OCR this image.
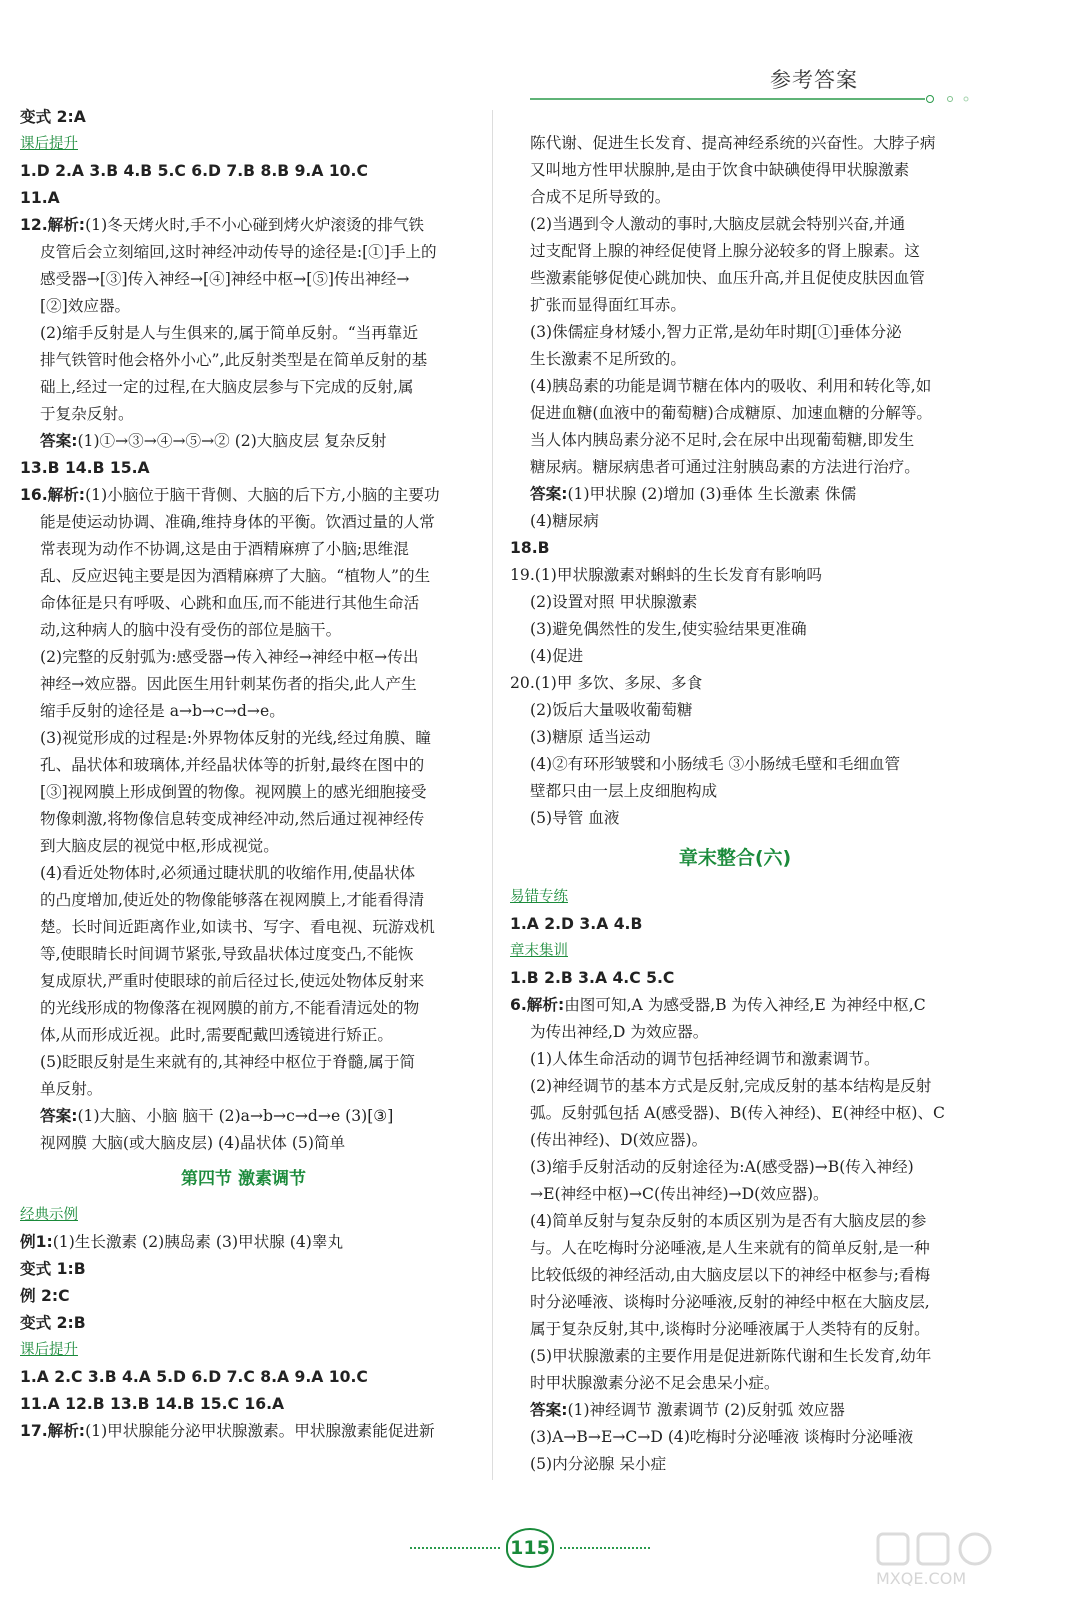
参考答案
变式 2:A
课后提升
1.D 2.A 3.B 4.B 5.C 6.D 7.B 8.B 9.A 10.C
11.A
12.解析:(1)冬天烤火时,手不小心碰到烤火炉滚烫的排气铁
皮管后会立刻缩回,这时神经冲动传导的途径是:[①]手上的
感受器→[③]传入神经→[④]神经中枢→[⑤]传出神经→
[②]效应器。
(2)缩手反射是人与生俱来的,属于简单反射。“当再靠近
排气铁管时他会格外小心”,此反射类型是在简单反射的基
础上,经过一定的过程,在大脑皮层参与下完成的反射,属
于复杂反射。
答案:(1)①→③→④→⑤→② (2)大脑皮层 复杂反射
13.B 14.B 15.A
16.解析:(1)小脑位于脑干背侧、大脑的后下方,小脑的主要功
能是使运动协调、准确,维持身体的平衡。饮酒过量的人常
常表现为动作不协调,这是由于酒精麻痹了小脑;思维混
乱、反应迟钝主要是因为酒精麻痹了大脑。“植物人”的生
命体征是只有呼吸、心跳和血压,而不能进行其他生命活
动,这种病人的脑中没有受伤的部位是脑干。
(2)完整的反射弧为:感受器→传入神经→神经中枢→传出
神经→效应器。因此医生用针刺某伤者的指尖,此人产生
缩手反射的途径是 a→b→c→d→e。
(3)视觉形成的过程是:外界物体反射的光线,经过角膜、瞳
孔、晶状体和玻璃体,并经晶状体等的折射,最终在图中的
[③]视网膜上形成倒置的物像。视网膜上的感光细胞接受
物像刺激,将物像信息转变成神经冲动,然后通过视神经传
到大脑皮层的视觉中枢,形成视觉。
(4)看近处物体时,必须通过睫状肌的收缩作用,使晶状体
的凸度增加,使近处的物像能够落在视网膜上,才能看得清
楚。长时间近距离作业,如读书、写字、看电视、玩游戏机
等,使眼睛长时间调节紧张,导致晶状体过度变凸,不能恢
复成原状,严重时使眼球的前后径过长,使远处物体反射来
的光线形成的物像落在视网膜的前方,不能看清远处的物
体,从而形成近视。此时,需要配戴凹透镜进行矫正。
(5)眨眼反射是生来就有的,其神经中枢位于脊髓,属于简
单反射。
答案:(1)大脑、小脑 脑干 (2)a→b→c→d→e (3)[③]
视网膜 大脑(或大脑皮层) (4)晶状体 (5)简单
第四节 激素调节
经典示例
例1:(1)生长激素 (2)胰岛素 (3)甲状腺 (4)睾丸
变式 1:B
例 2:C
变式 2:B
课后提升
1.A 2.C 3.B 4.A 5.D 6.D 7.C 8.A 9.A 10.C
11.A 12.B 13.B 14.B 15.C 16.A
17.解析:(1)甲状腺能分泌甲状腺激素。甲状腺激素能促进新
陈代谢、促进生长发育、提高神经系统的兴奋性。大脖子病
又叫地方性甲状腺肿,是由于饮食中缺碘使得甲状腺激素
合成不足所导致的。
(2)当遇到令人激动的事时,大脑皮层就会特别兴奋,并通
过支配肾上腺的神经促使肾上腺分泌较多的肾上腺素。这
些激素能够促使心跳加快、血压升高,并且促使皮肤因血管
扩张而显得面红耳赤。
(3)侏儒症身材矮小,智力正常,是幼年时期[①]垂体分泌
生长激素不足所致的。
(4)胰岛素的功能是调节糖在体内的吸收、利用和转化等,如
促进血糖(血液中的葡萄糖)合成糖原、加速血糖的分解等。
当人体内胰岛素分泌不足时,会在尿中出现葡萄糖,即发生
糖尿病。糖尿病患者可通过注射胰岛素的方法进行治疗。
答案:(1)甲状腺 (2)增加 (3)垂体 生长激素 侏儒
(4)糖尿病
18.B
19.(1)甲状腺激素对蝌蚪的生长发育有影响吗
(2)设置对照 甲状腺激素
(3)避免偶然性的发生,使实验结果更准确
(4)促进
20.(1)甲 多饮、多尿、多食
(2)饭后大量吸收葡萄糖
(3)糖原 适当运动
(4)②有环形皱襞和小肠绒毛 ③小肠绒毛壁和毛细血管
壁都只由一层上皮细胞构成
(5)导管 血液
章末整合(六)
易错专练
1.A 2.D 3.A 4.B
章末集训
1.B 2.B 3.A 4.C 5.C
6.解析:由图可知,A 为感受器,B 为传入神经,E 为神经中枢,C
为传出神经,D 为效应器。
(1)人体生命活动的调节包括神经调节和激素调节。
(2)神经调节的基本方式是反射,完成反射的基本结构是反射
弧。反射弧包括 A(感受器)、B(传入神经)、E(神经中枢)、C
(传出神经)、D(效应器)。
(3)缩手反射活动的反射途径为:A(感受器)→B(传入神经)
→E(神经中枢)→C(传出神经)→D(效应器)。
(4)简单反射与复杂反射的本质区别为是否有大脑皮层的参
与。人在吃梅时分泌唾液,是人生来就有的简单反射,是一种
比较低级的神经活动,由大脑皮层以下的神经中枢参与;看梅
时分泌唾液、谈梅时分泌唾液,反射的神经中枢在大脑皮层,
属于复杂反射,其中,谈梅时分泌唾液属于人类特有的反射。
(5)甲状腺激素的主要作用是促进新陈代谢和生长发育,幼年
时甲状腺激素分泌不足会患呆小症。
答案:(1)神经调节 激素调节 (2)反射弧 效应器
(3)A→B→E→C→D (4)吃梅时分泌唾液 谈梅时分泌唾液
(5)内分泌腺 呆小症
115
MXQE.COM
